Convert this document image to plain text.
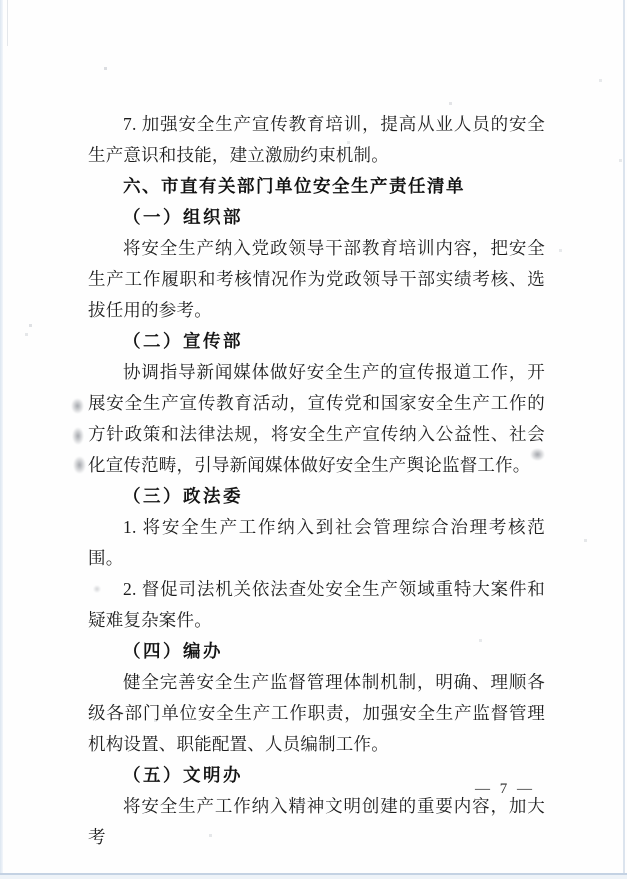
7. 加强安全生产宣传教育培训，提高从业人员的安全生产意识和技能，建立激励约束机制。

六、市直有关部门单位安全生产责任清单

（一）组织部

将安全生产纳入党政领导干部教育培训内容，把安全生产工作履职和考核情况作为党政领导干部实绩考核、选拔任用的参考。

（二）宣传部

协调指导新闻媒体做好安全生产的宣传报道工作，开展安全生产宣传教育活动，宣传党和国家安全生产工作的方针政策和法律法规，将安全生产宣传纳入公益性、社会化宣传范畴，引导新闻媒体做好安全生产舆论监督工作。

（三）政法委

1. 将安全生产工作纳入到社会管理综合治理考核范围。

2. 督促司法机关依法查处安全生产领域重特大案件和疑难复杂案件。

（四）编办

健全完善安全生产监督管理体制机制，明确、理顺各级各部门单位安全生产工作职责，加强安全生产监督管理机构设置、职能配置、人员编制工作。

（五）文明办

将安全生产工作纳入精神文明创建的重要内容，加大考

— 7 —
